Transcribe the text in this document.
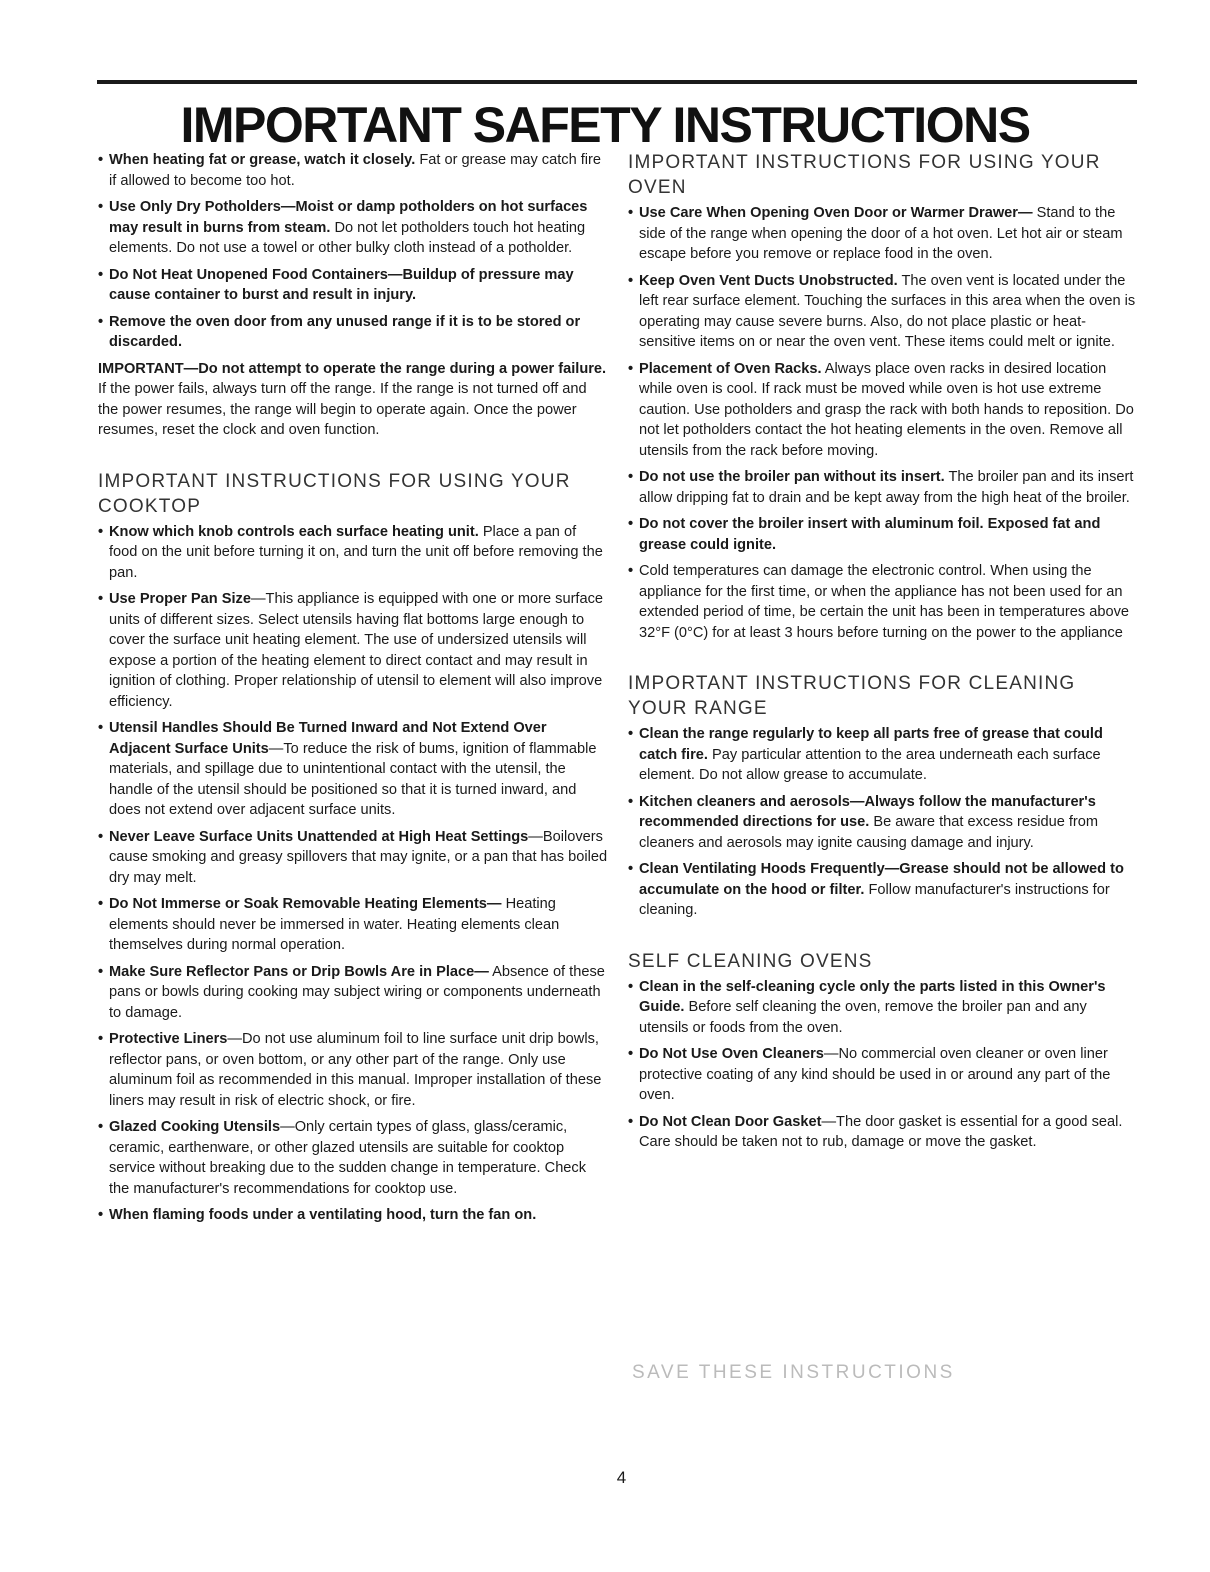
IMPORTANT SAFETY INSTRUCTIONS
• When heating fat or grease, watch it closely. Fat or grease may catch fire if allowed to become too hot.
• Use Only Dry Potholders—Moist or damp potholders on hot surfaces may result in burns from steam. Do not let potholders touch hot heating elements. Do not use a towel or other bulky cloth instead of a potholder.
• Do Not Heat Unopened Food Containers—Buildup of pressure may cause container to burst and result in injury.
• Remove the oven door from any unused range if it is to be stored or discarded.
IMPORTANT—Do not attempt to operate the range during a power failure. If the power fails, always turn off the range. If the range is not turned off and the power resumes, the range will begin to operate again. Once the power resumes, reset the clock and oven function.
IMPORTANT INSTRUCTIONS FOR USING YOUR COOKTOP
• Know which knob controls each surface heating unit. Place a pan of food on the unit before turning it on, and turn the unit off before removing the pan.
• Use Proper Pan Size—This appliance is equipped with one or more surface units of different sizes. Select utensils having flat bottoms large enough to cover the surface unit heating element. The use of undersized utensils will expose a portion of the heating element to direct contact and may result in ignition of clothing. Proper relationship of utensil to element will also improve efficiency.
• Utensil Handles Should Be Turned Inward and Not Extend Over Adjacent Surface Units—To reduce the risk of bums, ignition of flammable materials, and spillage due to unintentional contact with the utensil, the handle of the utensil should be positioned so that it is turned inward, and does not extend over adjacent surface units.
• Never Leave Surface Units Unattended at High Heat Settings—Boilovers cause smoking and greasy spillovers that may ignite, or a pan that has boiled dry may melt.
• Do Not Immerse or Soak Removable Heating Elements— Heating elements should never be immersed in water. Heating elements clean themselves during normal operation.
• Make Sure Reflector Pans or Drip Bowls Are in Place— Absence of these pans or bowls during cooking may subject wiring or components underneath to damage.
• Protective Liners—Do not use aluminum foil to line surface unit drip bowls, reflector pans, or oven bottom, or any other part of the range. Only use aluminum foil as recommended in this manual. Improper installation of these liners may result in risk of electric shock, or fire.
• Glazed Cooking Utensils—Only certain types of glass, glass/ceramic, ceramic, earthenware, or other glazed utensils are suitable for cooktop service without breaking due to the sudden change in temperature. Check the manufacturer's recommendations for cooktop use.
• When flaming foods under a ventilating hood, turn the fan on.
IMPORTANT INSTRUCTIONS FOR USING YOUR OVEN
• Use Care When Opening Oven Door or Warmer Drawer— Stand to the side of the range when opening the door of a hot oven. Let hot air or steam escape before you remove or replace food in the oven.
• Keep Oven Vent Ducts Unobstructed. The oven vent is located under the left rear surface element. Touching the surfaces in this area when the oven is operating may cause severe burns. Also, do not place plastic or heat-sensitive items on or near the oven vent. These items could melt or ignite.
• Placement of Oven Racks. Always place oven racks in desired location while oven is cool. If rack must be moved while oven is hot use extreme caution. Use potholders and grasp the rack with both hands to reposition. Do not let potholders contact the hot heating elements in the oven. Remove all utensils from the rack before moving.
• Do not use the broiler pan without its insert. The broiler pan and its insert allow dripping fat to drain and be kept away from the high heat of the broiler.
• Do not cover the broiler insert with aluminum foil. Exposed fat and grease could ignite.
• Cold temperatures can damage the electronic control. When using the appliance for the first time, or when the appliance has not been used for an extended period of time, be certain the unit has been in temperatures above 32°F (0°C) for at least 3 hours before turning on the power to the appliance
IMPORTANT INSTRUCTIONS FOR CLEANING YOUR RANGE
• Clean the range regularly to keep all parts free of grease that could catch fire. Pay particular attention to the area underneath each surface element. Do not allow grease to accumulate.
• Kitchen cleaners and aerosols—Always follow the manufacturer's recommended directions for use. Be aware that excess residue from cleaners and aerosols may ignite causing damage and injury.
• Clean Ventilating Hoods Frequently—Grease should not be allowed to accumulate on the hood or filter. Follow manufacturer's instructions for cleaning.
SELF CLEANING OVENS
• Clean in the self-cleaning cycle only the parts listed in this Owner's Guide. Before self cleaning the oven, remove the broiler pan and any utensils or foods from the oven.
• Do Not Use Oven Cleaners—No commercial oven cleaner or oven liner protective coating of any kind should be used in or around any part of the oven.
• Do Not Clean Door Gasket—The door gasket is essential for a good seal. Care should be taken not to rub, damage or move the gasket.
SAVE THESE INSTRUCTIONS
4
